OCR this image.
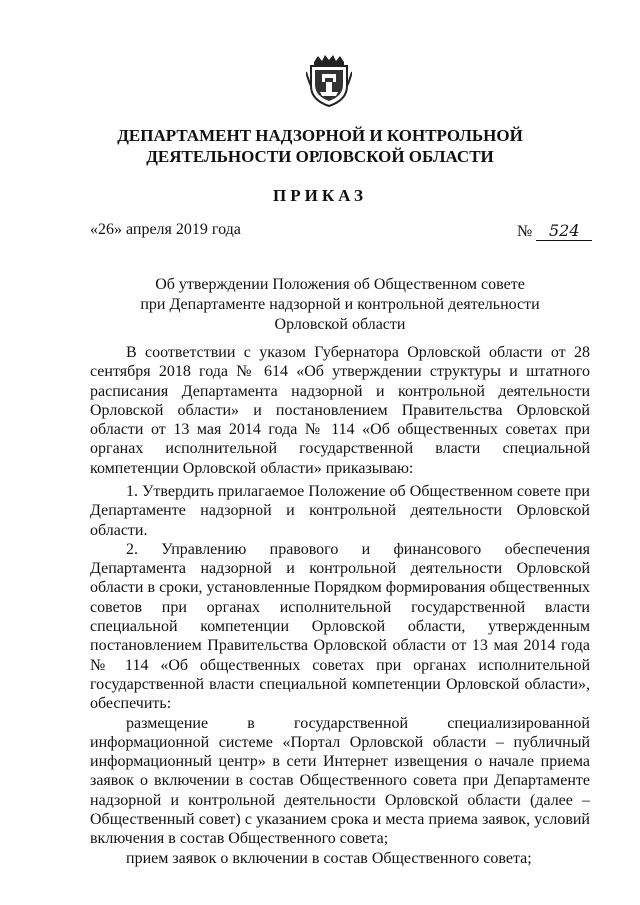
ДЕПАРТАМЕНТ НАДЗОРНОЙ И КОНТРОЛЬНОЙ
ДЕЯТЕЛЬНОСТИ ОРЛОВСКОЙ ОБЛАСТИ
ПРИКАЗ
«26» апреля 2019 года	№ 524
Об утверждении Положения об Общественном совете
при Департаменте надзорной и контрольной деятельности
Орловской области

В соответствии с указом Губернатора Орловской области от 28 сентября 2018 года № 614 «Об утверждении структуры и штатного расписания Департамента надзорной и контрольной деятельности Орловской области» и постановлением Правительства Орловской области от 13 мая 2014 года № 114 «Об общественных советах при органах исполнительной государственной власти специальной компетенции Орловской области» приказываю:

1. Утвердить прилагаемое Положение об Общественном совете при Департаменте надзорной и контрольной деятельности Орловской области.

2. Управлению правового и финансового обеспечения Департамента надзорной и контрольной деятельности Орловской области в сроки, установленные Порядком формирования общественных советов при органах исполнительной государственной власти специальной компетенции Орловской области, утвержденным постановлением Правительства Орловской области от 13 мая 2014 года № 114 «Об общественных советах при органах исполнительной государственной власти специальной компетенции Орловской области», обеспечить:

размещение в государственной специализированной информационной системе «Портал Орловской области – публичный информационный центр» в сети Интернет извещения о начале приема заявок о включении в состав Общественного совета при Департаменте надзорной и контрольной деятельности Орловской области (далее – Общественный совет) с указанием срока и места приема заявок, условий включения в состав Общественного совета;

прием заявок о включении в состав Общественного совета;
